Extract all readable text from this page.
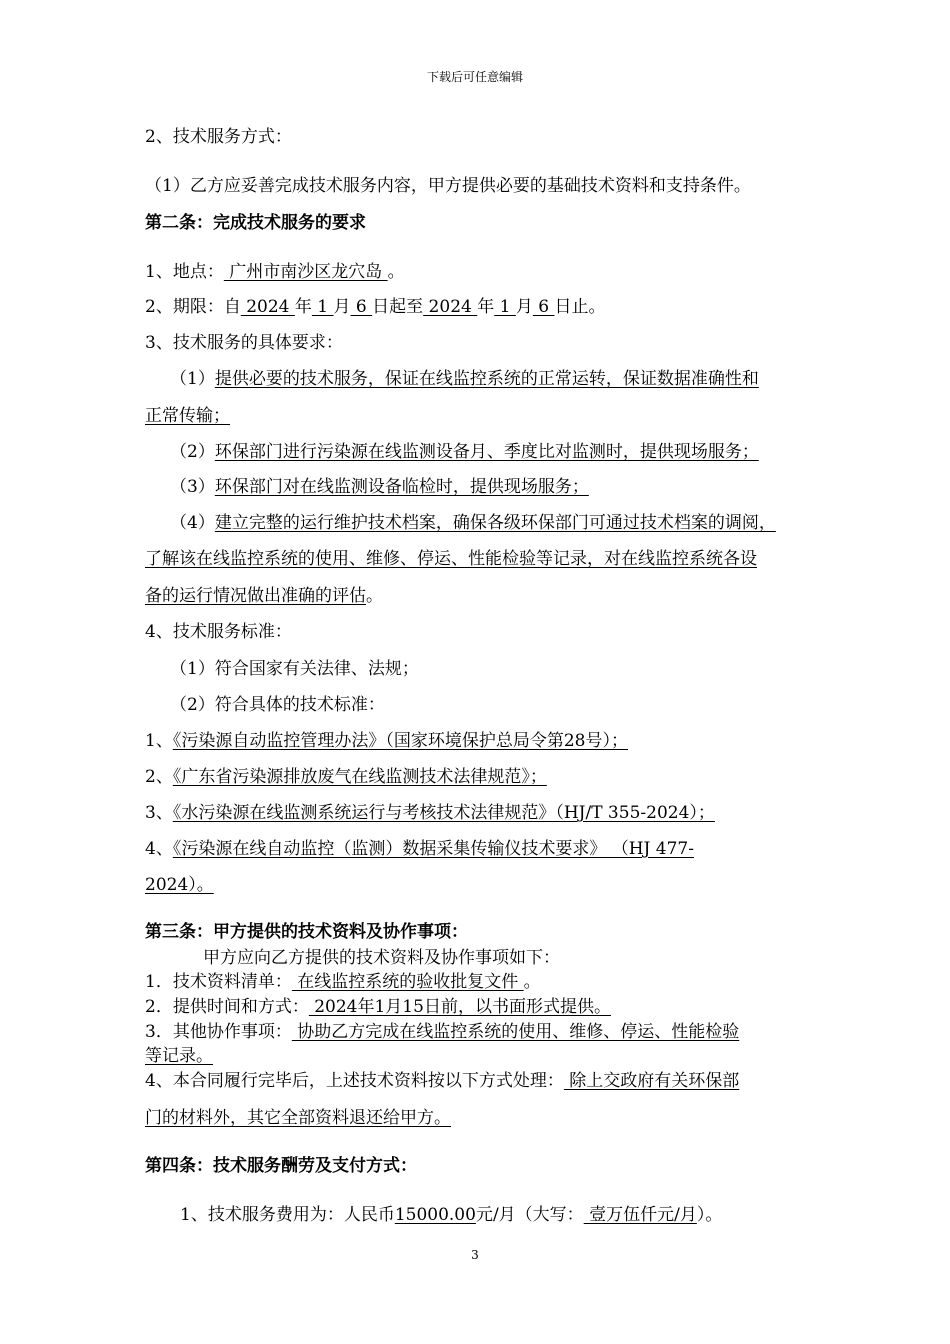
下载后可任意编辑
2、技术服务方式：
（1）乙方应妥善完成技术服务内容，甲方提供必要的基础技术资料和支持条件。
第二条：完成技术服务的要求
1、地点： 广州市南沙区龙穴岛 。
2、期限：自 2024 年 1 月 6 日起至 2024 年 1 月 6 日止。
3、技术服务的具体要求：
（1）提供必要的技术服务，保证在线监控系统的正常运转，保证数据准确性和
正常传输；
（2）环保部门进行污染源在线监测设备月、季度比对监测时，提供现场服务；
（3）环保部门对在线监测设备临检时，提供现场服务；
（4）建立完整的运行维护技术档案，确保各级环保部门可通过技术档案的调阅，
了解该在线监控系统的使用、维修、停运、性能检验等记录，对在线监控系统各设
备的运行情况做出准确的评估。
4、技术服务标准：
（1）符合国家有关法律、法规；
（2）符合具体的技术标准：
1、《污染源自动监控管理办法》（国家环境保护总局令第28号）；
2、《广东省污染源排放废气在线监测技术法律规范》；
3、《水污染源在线监测系统运行与考核技术法律规范》（HJ/T 355-2024）；
4、《污染源在线自动监控（监测）数据采集传输仪技术要求》 （HJ 477-
2024）。
第三条：甲方提供的技术资料及协作事项：
甲方应向乙方提供的技术资料及协作事项如下：
1．技术资料清单： 在线监控系统的验收批复文件 。
2．提供时间和方式： 2024年1月15日前，以书面形式提供。
3．其他协作事项： 协助乙方完成在线监控系统的使用、维修、停运、性能检验
等记录。
4、本合同履行完毕后，上述技术资料按以下方式处理： 除上交政府有关环保部
门的材料外，其它全部资料退还给甲方。
第四条：技术服务酬劳及支付方式：
1、技术服务费用为：人民币15000.00元/月（大写： 壹万伍仟元/月）。
3
